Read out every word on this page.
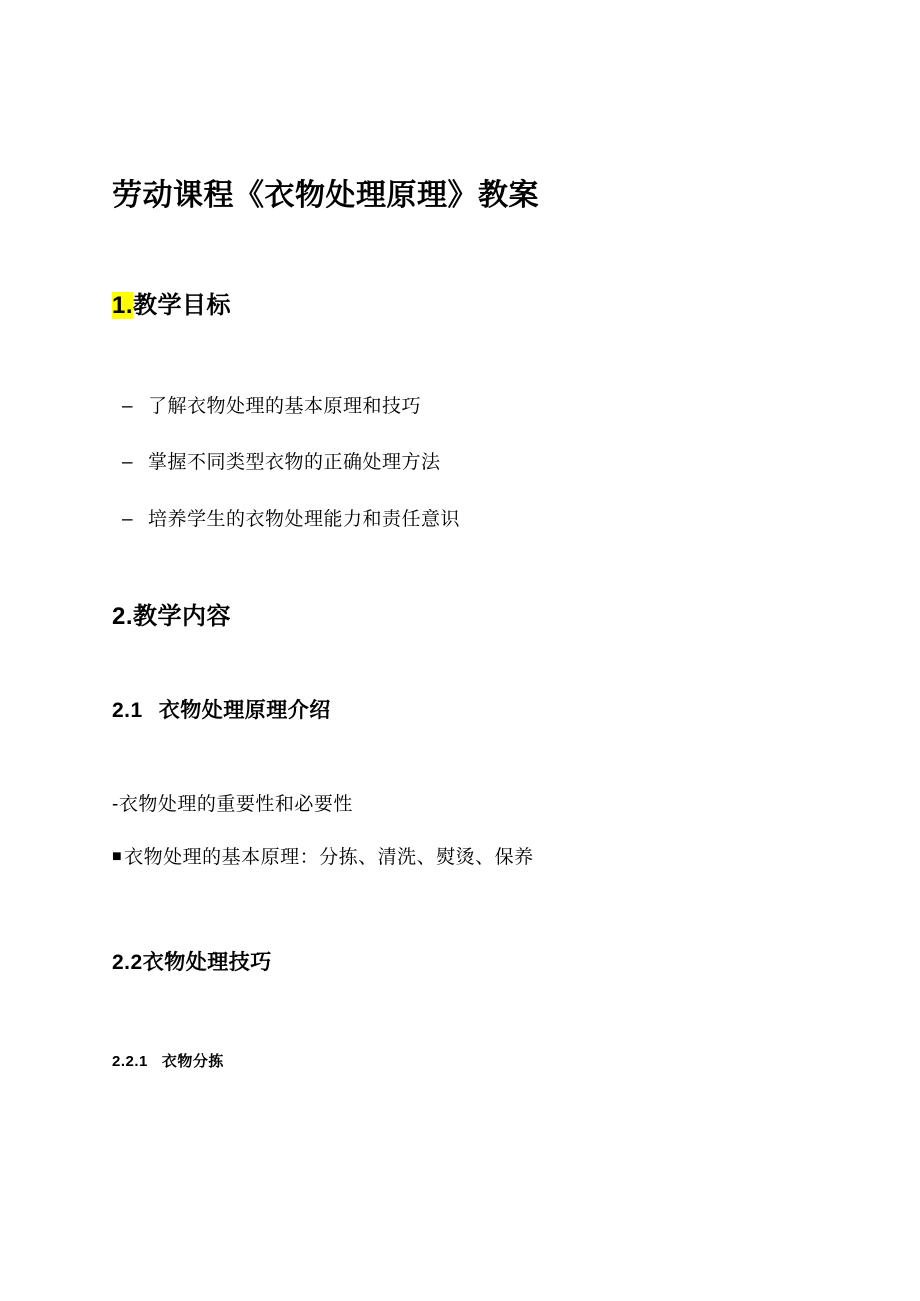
劳动课程《衣物处理原理》教案
1.教学目标
– 了解衣物处理的基本原理和技巧
– 掌握不同类型衣物的正确处理方法
– 培养学生的衣物处理能力和责任意识
2.教学内容
2.1 衣物处理原理介绍

-衣物处理的重要性和必要性

■ 衣物处理的基本原理：分拣、清洗、熨烫、保养

2.2衣物处理技巧
2.2.1 衣物分拣
